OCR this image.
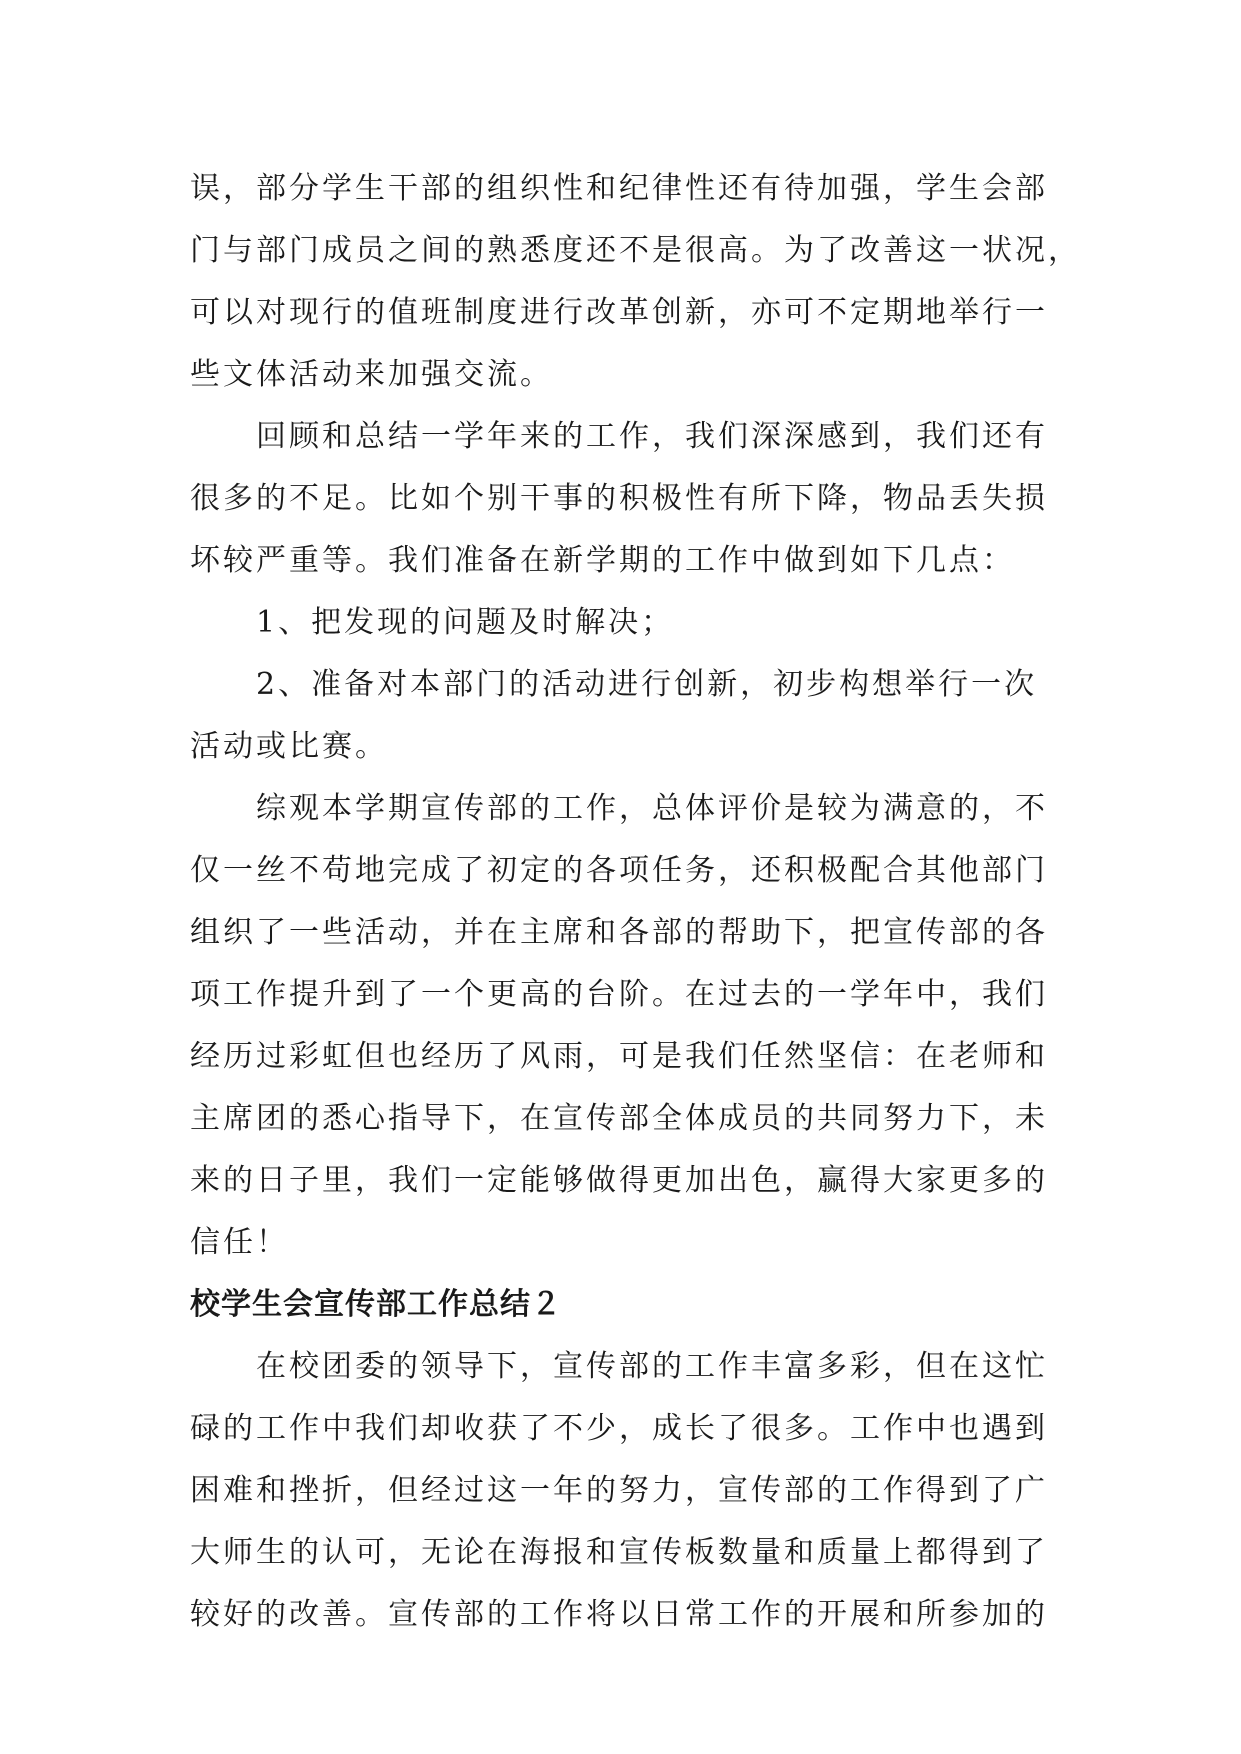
误，部分学生干部的组织性和纪律性还有待加强，学生会部

门与部门成员之间的熟悉度还不是很高。为了改善这一状况，

可以对现行的值班制度进行改革创新，亦可不定期地举行一

些文体活动来加强交流。

回顾和总结一学年来的工作，我们深深感到，我们还有

很多的不足。比如个别干事的积极性有所下降，物品丢失损

坏较严重等。我们准备在新学期的工作中做到如下几点：

1、把发现的问题及时解决；

2、准备对本部门的活动进行创新，初步构想举行一次

活动或比赛。

综观本学期宣传部的工作，总体评价是较为满意的，不

仅一丝不苟地完成了初定的各项任务，还积极配合其他部门

组织了一些活动，并在主席和各部的帮助下，把宣传部的各

项工作提升到了一个更高的台阶。在过去的一学年中，我们

经历过彩虹但也经历了风雨，可是我们任然坚信：在老师和

主席团的悉心指导下，在宣传部全体成员的共同努力下，未

来的日子里，我们一定能够做得更加出色，赢得大家更多的

信任！

校学生会宣传部工作总结２

在校团委的领导下，宣传部的工作丰富多彩，但在这忙

碌的工作中我们却收获了不少，成长了很多。工作中也遇到

困难和挫折，但经过这一年的努力，宣传部的工作得到了广

大师生的认可，无论在海报和宣传板数量和质量上都得到了

较好的改善。宣传部的工作将以日常工作的开展和所参加的
